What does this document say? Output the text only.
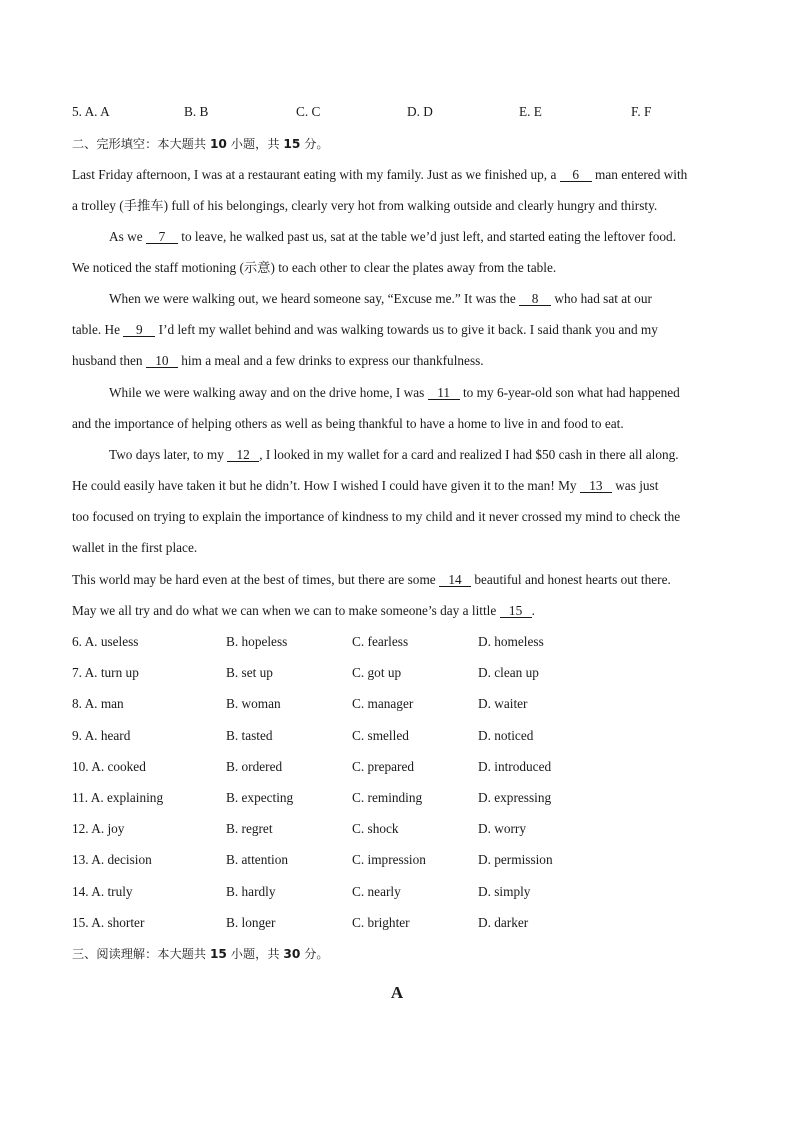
5. A. A	B. B	C. C	D. D	E. E	F. F
二、完形填空：本大题共 10 小题，共 15 分。
Last Friday afternoon, I was at a restaurant eating with my family. Just as we finished up, a 6 man entered with
a trolley (手推车) full of his belongings, clearly very hot from walking outside and clearly hungry and thirsty.
As we 7 to leave, he walked past us, sat at the table we’d just left, and started eating the leftover food.
We noticed the staff motioning (示意) to each other to clear the plates away from the table.
When we were walking out, we heard someone say, “Excuse me.” It was the 8 who had sat at our
table. He 9 I’d left my wallet behind and was walking towards us to give it back. I said thank you and my
husband then 10 him a meal and a few drinks to express our thankfulness.
While we were walking away and on the drive home, I was 11 to my 6-year-old son what had happened
and the importance of helping others as well as being thankful to have a home to live in and food to eat.
Two days later, to my 12 , I looked in my wallet for a card and realized I had $50 cash in there all along.
He could easily have taken it but he didn’t. How I wished I could have given it to the man! My 13 was just
too focused on trying to explain the importance of kindness to my child and it never crossed my mind to check the
wallet in the first place.
This world may be hard even at the best of times, but there are some 14 beautiful and honest hearts out there.
May we all try and do what we can when we can to make someone’s day a little 15 .
6. A. useless	B. hopeless	C. fearless	D. homeless
7. A. turn up	B. set up	C. got up	D. clean up
8. A. man	B. woman	C. manager	D. waiter
9. A. heard	B. tasted	C. smelled	D. noticed
10. A. cooked	B. ordered	C. prepared	D. introduced
11. A. explaining	B. expecting	C. reminding	D. expressing
12. A. joy	B. regret	C. shock	D. worry
13. A. decision	B. attention	C. impression	D. permission
14. A. truly	B. hardly	C. nearly	D. simply
15. A. shorter	B. longer	C. brighter	D. darker
三、阅读理解：本大题共 15 小题，共 30 分。
A
